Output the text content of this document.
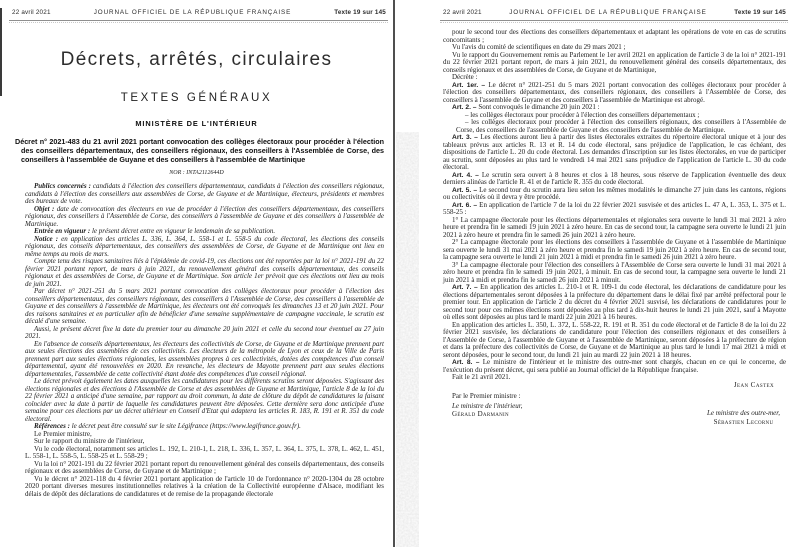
22 avril 2021	JOURNAL OFFICIEL DE LA RÉPUBLIQUE FRANÇAISE	Texte 19 sur 145
Décrets, arrêtés, circulaires
TEXTES GÉNÉRAUX
MINISTÈRE DE L'INTÉRIEUR
Décret n° 2021-483 du 21 avril 2021 portant convocation des collèges électoraux pour procéder à l'élection des conseillers départementaux, des conseillers régionaux, des conseillers à l'Assemblée de Corse, des conseillers à l'assemblée de Guyane et des conseillers à l'assemblée de Martinique
NOR : INTA2112644D

Publics concernés : candidats à l'élection des conseillers départementaux, candidats à l'élection des conseillers régionaux, candidats à l'élection des conseillers aux assemblées de Corse, de Guyane et de Martinique, électeurs, présidents et membres des bureaux de vote.

Objet : date de convocation des électeurs en vue de procéder à l'élection des conseillers départementaux, des conseillers régionaux, des conseillers à l'Assemblée de Corse, des conseillers à l'assemblée de Guyane et des conseillers à l'assemblée de Martinique.

Entrée en vigueur : le présent décret entre en vigueur le lendemain de sa publication.

Notice : en application des articles L. 336, L. 364, L. 558-1 et L. 558-5 du code électoral, les élections des conseils régionaux, des conseils départementaux, des conseillers des assemblées de Corse, de Guyane et de Martinique ont lieu en même temps au mois de mars.

Compte tenu des risques sanitaires liés à l'épidémie de covid-19, ces élections ont été reportées par la loi n° 2021-191 du 22 février 2021 portant report, de mars à juin 2021, du renouvellement général des conseils départementaux, des conseils régionaux et des assemblées de Corse, de Guyane et de Martinique. Son article 1er prévoit que ces élections ont lieu au mois de juin 2021.

Par décret n° 2021-251 du 5 mars 2021 portant convocation des collèges électoraux pour procéder à l'élection des conseillers départementaux, des conseillers régionaux, des conseillers à l'Assemblée de Corse, des conseillers à l'assemblée de Guyane et des conseillers à l'assemblée de Martinique, les électeurs ont été convoqués les dimanches 13 et 20 juin 2021. Pour des raisons sanitaires et en particulier afin de bénéficier d'une semaine supplémentaire de campagne vaccinale, le scrutin est décalé d'une semaine.

Aussi, le présent décret fixe la date du premier tour au dimanche 20 juin 2021 et celle du second tour éventuel au 27 juin 2021.

En l'absence de conseils départementaux, les électeurs des collectivités de Corse, de Guyane et de Martinique prennent part aux seules élections des assemblées de ces collectivités. Les électeurs de la métropole de Lyon et ceux de la Ville de Paris prennent part aux seules élections régionales, les assemblées propres à ces collectivités, dotées des compétences d'un conseil départemental, ayant été renouvelées en 2020. En revanche, les électeurs de Mayotte prennent part aux seules élections départementales, l'assemblée de cette collectivité étant dotée des compétences d'un conseil régional.

Le décret prévoit également les dates auxquelles les candidatures pour les différents scrutins seront déposées. S'agissant des élections régionales et des élections à l'Assemblée de Corse et des assemblées de Guyane et Martinique, l'article 8 de la loi du 22 février 2021 a anticipé d'une semaine, par rapport au droit commun, la date de clôture du dépôt de candidatures la faisant coïncider avec la date à partir de laquelle les candidatures peuvent être déposées. Cette dernière sera donc anticipée d'une semaine pour ces élections par un décret ultérieur en Conseil d'Etat qui adaptera les articles R. 183, R. 191 et R. 351 du code électoral.

Références : le décret peut être consulté sur le site Légifrance (https://www.legifrance.gouv.fr).

Le Premier ministre,

Sur le rapport du ministre de l'intérieur,

Vu le code électoral, notamment ses articles L. 192, L. 210-1, L. 218, L. 336, L. 357, L. 364, L. 375, L. 378, L. 462, L. 451, L. 558-1, L. 558-5, L. 558-25 et L. 558-29 ;

Vu la loi n° 2021-191 du 22 février 2021 portant report du renouvellement général des conseils départementaux, des conseils régionaux et des assemblées de Corse, de Guyane et de Martinique ;

Vu le décret n° 2021-118 du 4 février 2021 portant application de l'article 10 de l'ordonnance n° 2020-1304 du 28 octobre 2020 portant diverses mesures institutionnelles relatives à la création de la Collectivité européenne d'Alsace, modifiant les délais de dépôt des déclarations de candidatures et de remise de la propagande électorale

22 avril 2021	JOURNAL OFFICIEL DE LA RÉPUBLIQUE FRANÇAISE	Texte 19 sur 145

pour le second tour des élections des conseillers départementaux et adaptant les opérations de vote en cas de scrutins concomitants ;

Vu l'avis du comité de scientifiques en date du 29 mars 2021 ;

Vu le rapport du Gouvernement remis au Parlement le 1er avril 2021 en application de l'article 3 de la loi n° 2021-191 du 22 février 2021 portant report, de mars à juin 2021, du renouvellement général des conseils départementaux, des conseils régionaux et des assemblées de Corse, de Guyane et de Martinique,

Décrète :

Art. 1er. – Le décret n° 2021-251 du 5 mars 2021 portant convocation des collèges électoraux pour procéder à l'élection des conseillers départementaux, des conseillers régionaux, des conseillers à l'Assemblée de Corse, des conseillers à l'assemblée de Guyane et des conseillers à l'assemblée de Martinique est abrogé.

Art. 2. – Sont convoqués le dimanche 20 juin 2021 :

– les collèges électoraux pour procéder à l'élection des conseillers départementaux ;

– les collèges électoraux pour procéder à l'élection des conseillers régionaux, des conseillers à l'Assemblée de Corse, des conseillers de l'assemblée de Guyane et des conseillers de l'assemblée de Martinique.

Art. 3. – Les élections auront lieu à partir des listes électorales extraites du répertoire électoral unique et à jour des tableaux prévus aux articles R. 13 et R. 14 du code électoral, sans préjudice de l'application, le cas échéant, des dispositions de l'article L. 20 du code électoral. Les demandes d'inscription sur les listes électorales, en vue de participer au scrutin, sont déposées au plus tard le vendredi 14 mai 2021 sans préjudice de l'application de l'article L. 30 du code électoral.

Art. 4. – Le scrutin sera ouvert à 8 heures et clos à 18 heures, sous réserve de l'application éventuelle des deux derniers alinéas de l'article R. 41 et de l'article R. 355 du code électoral.

Art. 5. – Le second tour du scrutin aura lieu selon les mêmes modalités le dimanche 27 juin dans les cantons, régions ou collectivités où il devra y être procédé.

Art. 6. – En application de l'article 7 de la loi du 22 février 2021 susvisée et des articles L. 47 A, L. 353, L. 375 et L. 558-25 :

1° La campagne électorale pour les élections départementales et régionales sera ouverte le lundi 31 mai 2021 à zéro heure et prendra fin le samedi 19 juin 2021 à zéro heure. En cas de second tour, la campagne sera ouverte le lundi 21 juin 2021 à zéro heure et prendra fin le samedi 26 juin 2021 à zéro heure.

2° La campagne électorale pour les élections des conseillers à l'assemblée de Guyane et à l'assemblée de Martinique sera ouverte le lundi 31 mai 2021 à zéro heure et prendra fin le samedi 19 juin 2021 à zéro heure. En cas de second tour, la campagne sera ouverte le lundi 21 juin 2021 à midi et prendra fin le samedi 26 juin 2021 à zéro heure.

3° La campagne électorale pour l'élection des conseillers à l'Assemblée de Corse sera ouverte le lundi 31 mai 2021 à zéro heure et prendra fin le samedi 19 juin 2021, à minuit. En cas de second tour, la campagne sera ouverte le lundi 21 juin 2021 à midi et prendra fin le samedi 26 juin 2021 à minuit.

Art. 7. – En application des articles L. 210-1 et R. 109-1 du code électoral, les déclarations de candidature pour les élections départementales seront déposées à la préfecture du département dans le délai fixé par arrêté préfectoral pour le premier tour. En application de l'article 2 du décret du 4 février 2021 susvisé, les déclarations de candidatures pour le second tour pour ces mêmes élections sont déposées au plus tard à dix-huit heures le lundi 21 juin 2021, sauf à Mayotte où elles sont déposées au plus tard le mardi 22 juin 2021 à 16 heures.

En application des articles L. 350, L. 372, L. 558-22, R. 191 et R. 351 du code électoral et de l'article 8 de la loi du 22 février 2021 susvisée, les déclarations de candidature pour l'élection des conseillers régionaux et des conseillers à l'Assemblée de Corse, à l'assemblée de Guyane et à l'assemblée de Martinique, seront déposées à la préfecture de région et dans la préfecture des collectivités de Corse, de Guyane et de Martinique au plus tard le lundi 17 mai 2021 à midi et seront déposées, pour le second tour, du lundi 21 juin au mardi 22 juin 2021 à 18 heures.

Art. 8. – Le ministre de l'intérieur et le ministre des outre-mer sont chargés, chacun en ce qui le concerne, de l'exécution du présent décret, qui sera publié au Journal officiel de la République française.

Fait le 21 avril 2021.

Jean Castex

Par le Premier ministre :

Le ministre de l'intérieur,

Gérald Darmanin	Le ministre des outre-mer,

Sébastien Lecornu
